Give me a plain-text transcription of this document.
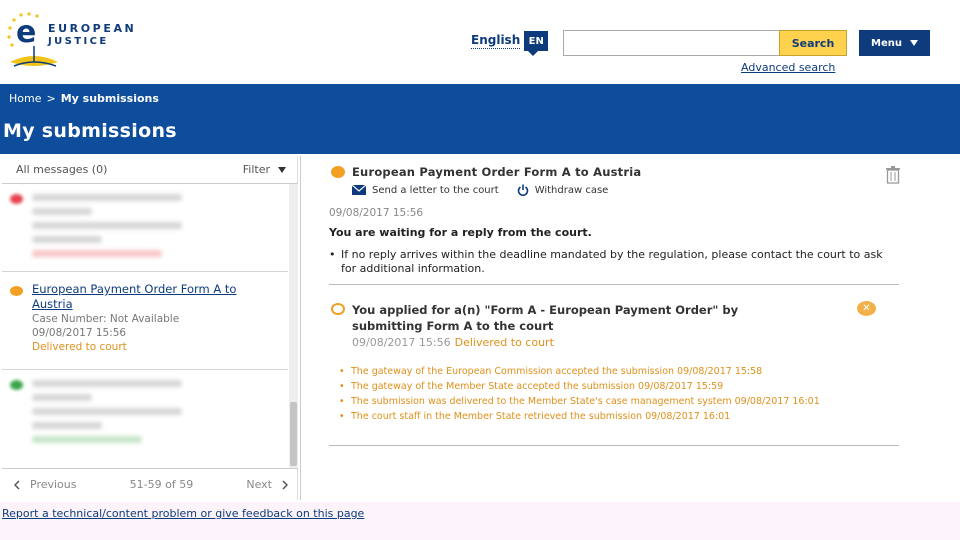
e EUROPEAN
JUSTICE	English EN	Search	Menu
Advanced search
Home > My submissions
My submissions
All messages (0)	Filter
European Payment Order Form A to Austria
Case Number: Not Available
09/08/2017 15:56
Delivered to court
Previous	51-59 of 59	Next
European Payment Order Form A to Austria
Send a letter to the court	Withdraw case
09/08/2017 15:56
You are waiting for a reply from the court.
• If no reply arrives within the deadline mandated by the regulation, please contact the court to ask for additional information.
You applied for a(n) "Form A - European Payment Order" by submitting Form A to the court
✕
09/08/2017 15:56 Delivered to court
• The gateway of the European Commission accepted the submission 09/08/2017 15:58
• The gateway of the Member State accepted the submission 09/08/2017 15:59
• The submission was delivered to the Member State's case management system 09/08/2017 16:01
• The court staff in the Member State retrieved the submission 09/08/2017 16:01
Report a technical/content problem or give feedback on this page
